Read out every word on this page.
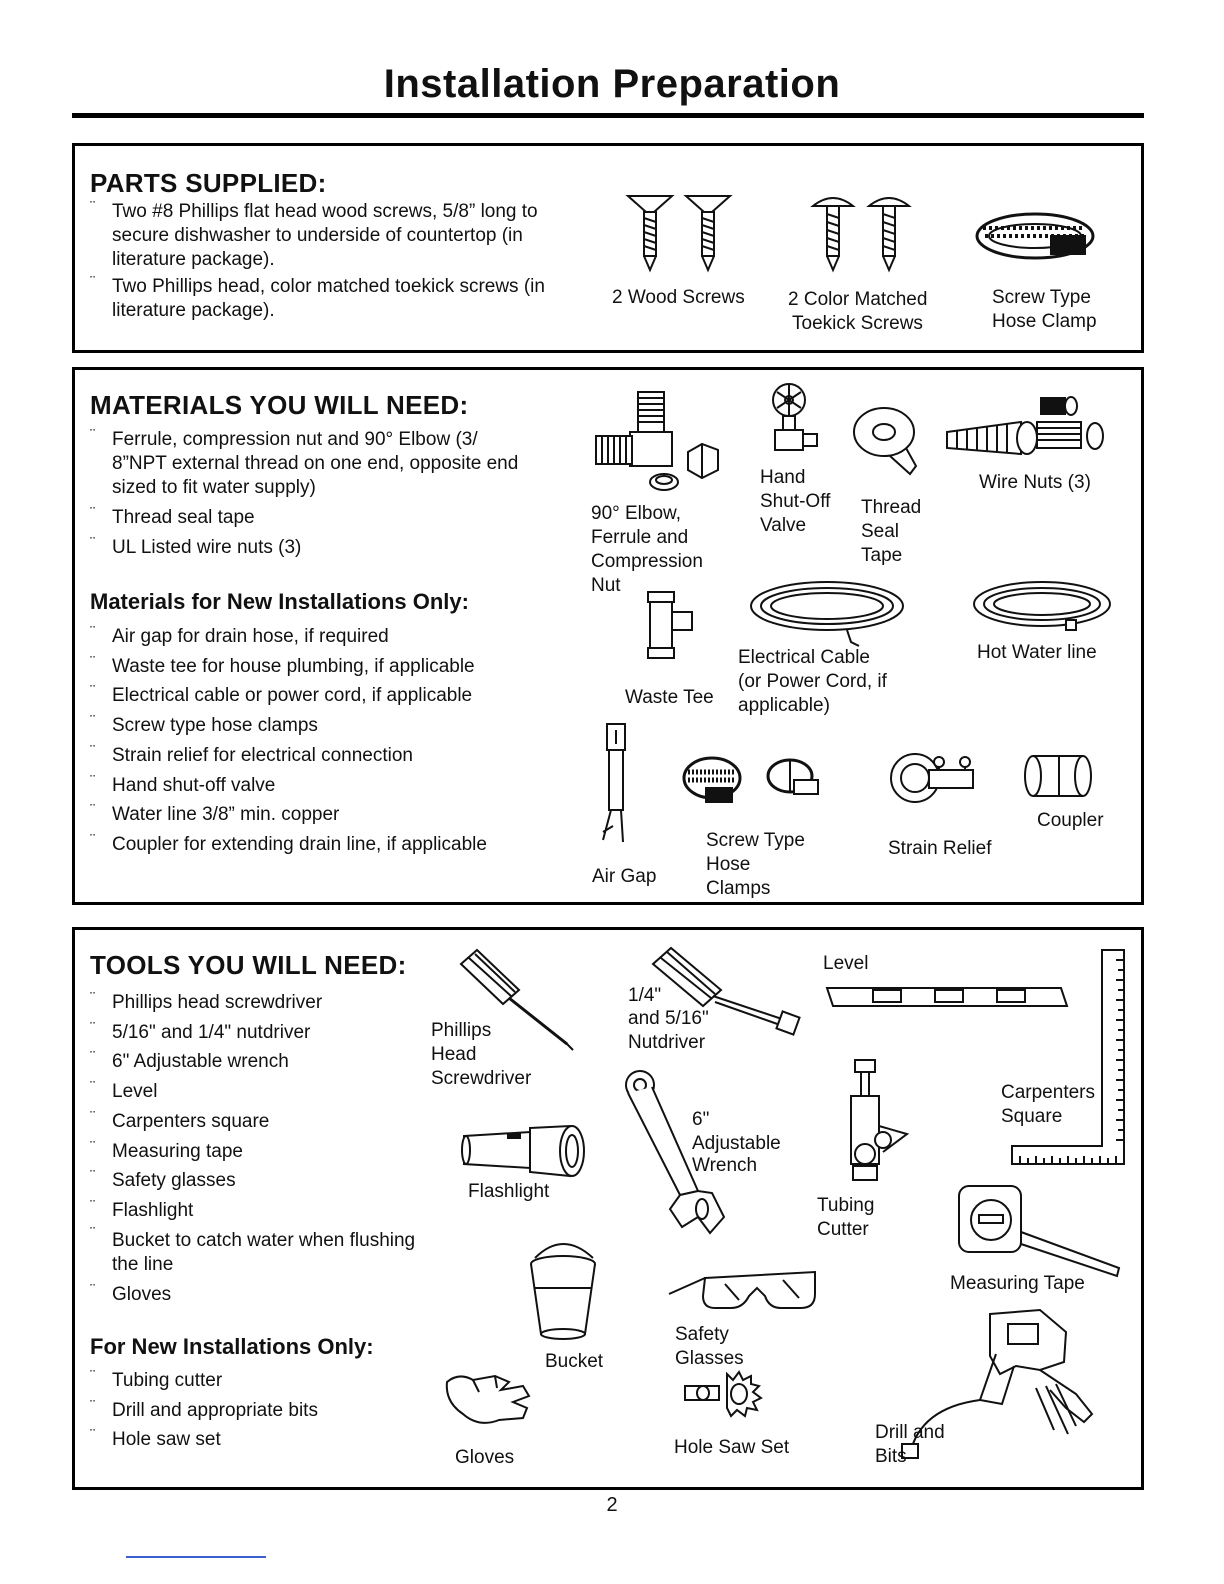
Installation Preparation
PARTS SUPPLIED:
¨ Two #8 Phillips flat head wood screws, 5/8” long to secure dishwasher to underside of countertop (in literature package).
¨ Two Phillips head, color matched toekick screws (in literature package).
2 Wood Screws 2 Color Matched
Toekick Screws
Screw Type
Hose Clamp
MATERIALS YOU WILL NEED:
¨ Ferrule, compression nut and 90° Elbow (3/ 8”NPT external thread on one end, opposite end sized to fit water supply)
¨ Thread seal tape
¨ UL Listed wire nuts (3)
Materials for New Installations Only:
¨ Air gap for drain hose, if required
¨ Waste tee for house plumbing, if applicable
¨ Electrical cable or power cord, if applicable
¨ Screw type hose clamps
¨ Strain relief for electrical connection
¨ Hand shut-off valve
¨ Water line 3/8” min. copper
¨ Coupler for extending drain line, if applicable
90° Elbow,
Ferrule and
Compression
Nut
Hand
Shut-Off
Valve
Thread
Seal
Tape
Wire Nuts (3)
Waste Tee
Electrical Cable
(or Power Cord, if
applicable)
Hot Water line
Air Gap
Screw Type
Hose
Clamps
Strain Relief
Coupler
TOOLS YOU WILL NEED:
¨ Phillips head screwdriver
¨ 5/16" and 1/4" nutdriver
¨ 6" Adjustable wrench
¨ Level
¨ Carpenters square
¨ Measuring tape
¨ Safety glasses
¨ Flashlight
¨ Bucket to catch water when flushing the line
¨ Gloves
For New Installations Only:
¨ Tubing cutter
¨ Drill and appropriate bits
¨ Hole saw set
Phillips
Head
Screwdriver
1/4"
and 5/16"
Nutdriver
Level
Carpenters
Square
Flashlight
6"
Adjustable
Wrench
Tubing
Cutter
Measuring Tape
Bucket
Safety
Glasses
Gloves	Hole Saw Set
Drill and
Bits
2
